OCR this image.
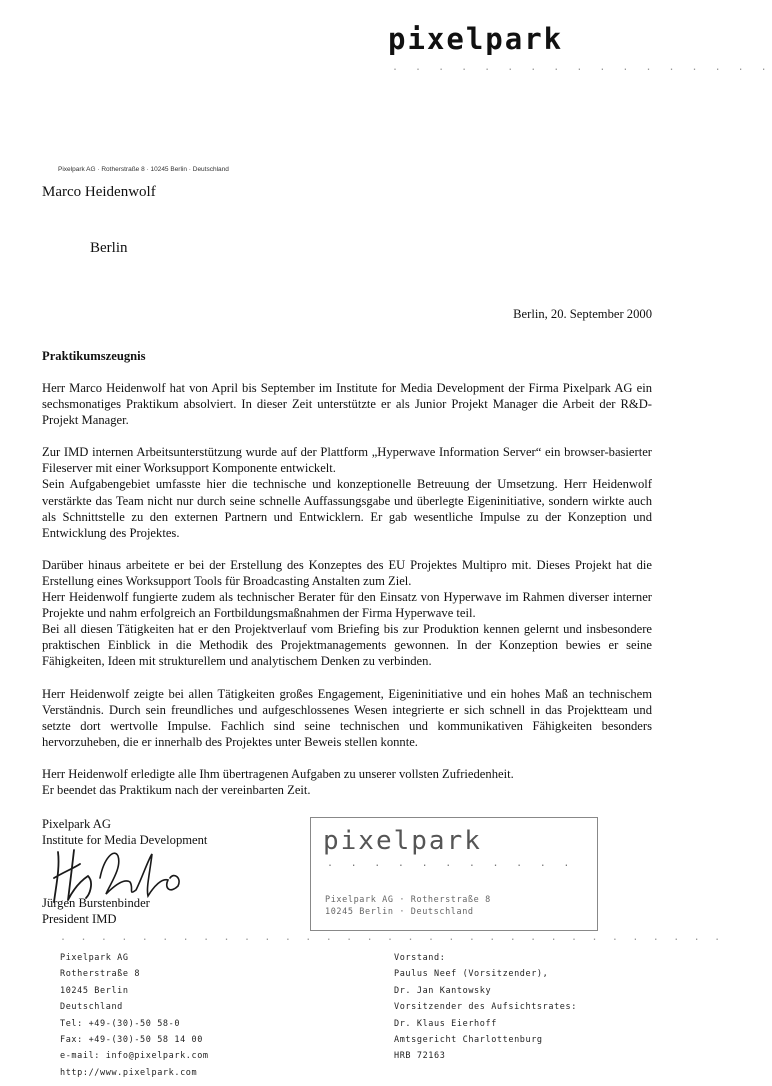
pixelpark
. . . . . . . . . . . . . . . . .
Pixelpark AG · Rotherstraße 8 · 10245 Berlin · Deutschland
Marco Heidenwolf
Berlin
Berlin, 20. September 2000
Praktikumszeugnis

Herr Marco Heidenwolf hat von April bis September im Institute for Media Development der Firma Pixelpark AG ein sechsmonatiges Praktikum absolviert. In dieser Zeit unterstützte er als Junior Projekt Manager die Arbeit der R&D-Projekt Manager.

Zur IMD internen Arbeitsunterstützung wurde auf der Plattform „Hyperwave Information Server“ ein browser-basierter Fileserver mit einer Worksupport Komponente entwickelt.
Sein Aufgabengebiet umfasste hier die technische und konzeptionelle Betreuung der Umsetzung. Herr Heidenwolf verstärkte das Team nicht nur durch seine schnelle Auffassungsgabe und überlegte Eigeninitiative, sondern wirkte auch als Schnittstelle zu den externen Partnern und Entwicklern. Er gab wesentliche Impulse zu der Konzeption und Entwicklung des Projektes.

Darüber hinaus arbeitete er bei der Erstellung des Konzeptes des EU Projektes Multipro mit. Dieses Projekt hat die Erstellung eines Worksupport Tools für Broadcasting Anstalten zum Ziel.
Herr Heidenwolf fungierte zudem als technischer Berater für den Einsatz von Hyperwave im Rahmen diverser interner Projekte und nahm erfolgreich an Fortbildungsmaßnahmen der Firma Hyperwave teil.
Bei all diesen Tätigkeiten hat er den Projektverlauf vom Briefing bis zur Produktion kennen gelernt und insbesondere praktischen Einblick in die Methodik des Projektmanagements gewonnen. In der Konzeption bewies er seine Fähigkeiten, Ideen mit strukturellem und analytischem Denken zu verbinden.

Herr Heidenwolf zeigte bei allen Tätigkeiten großes Engagement, Eigeninitiative und ein hohes Maß an technischem Verständnis. Durch sein freundliches und aufgeschlossenes Wesen integrierte er sich schnell in das Projektteam und setzte dort wertvolle Impulse. Fachlich sind seine technischen und kommunikativen Fähigkeiten besonders hervorzuheben, die er innerhalb des Projektes unter Beweis stellen konnte.

Herr Heidenwolf erledigte alle Ihm übertragenen Aufgaben zu unserer vollsten Zufriedenheit.
Er beendet das Praktikum nach der vereinbarten Zeit.

Pixelpark AG
Institute for Media Development
Jürgen Burstenbinder
President IMD
pixelpark
. . . . . . . . . . .
Pixelpark AG · Rotherstraße 8
10245 Berlin · Deutschland
. . . . . . . . . . . . . . . . . . . . . . . . . . . . . . . . .
Pixelpark AG
Rotherstraße 8
10245 Berlin
Deutschland
Tel: +49-(30)-50 58-0
Fax: +49-(30)-50 58 14 00
e-mail: info@pixelpark.com
http://www.pixelpark.com
Vorstand:
Paulus Neef (Vorsitzender),
Dr. Jan Kantowsky
Vorsitzender des Aufsichtsrates:
Dr. Klaus Eierhoff
Amtsgericht Charlottenburg
HRB 72163
